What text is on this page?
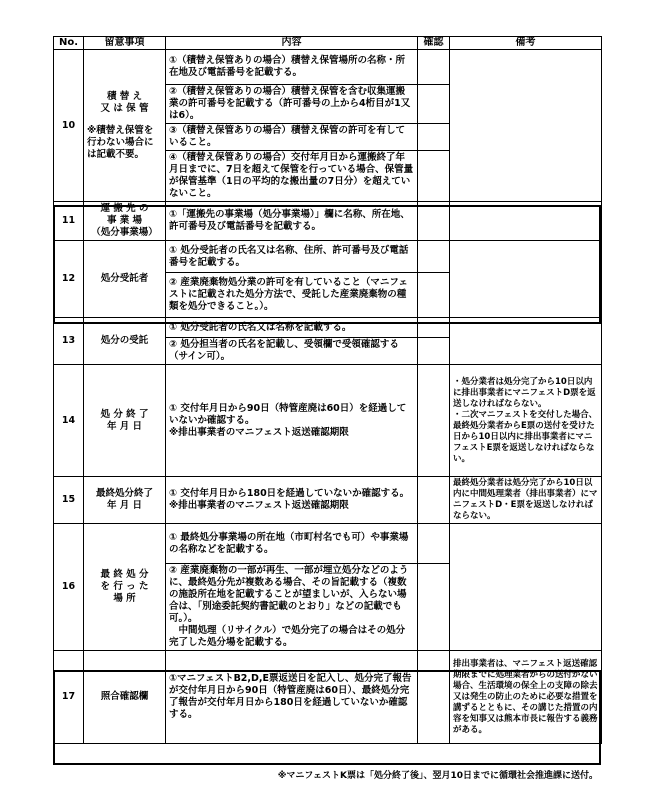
No.	留意事項	内容	確認	備考
10	積 替 え
又 は 保 管
※積替え保管を行わない場合には記載不要。	①（積替え保管ありの場合）積替え保管場所の名称・所在地及び電話番号を記載する。		
		②（積替え保管ありの場合）積替え保管を含む収集運搬業の許可番号を記載する（許可番号の上から4桁目が1又は6）。		
		③（積替え保管ありの場合）積替え保管の許可を有していること。		
		④（積替え保管ありの場合）交付年月日から運搬終了年月日までに、7日を超えて保管を行っている場合、保管量が保管基準（1日の平均的な搬出量の7日分）を超えていないこと。		
11	運 搬 先 の
事 業 場
（処分事業場）	①「運搬先の事業場（処分事業場）」欄に名称、所在地、許可番号及び電話番号を記載する。		
12	処分受託者	① 処分受託者の氏名又は名称、住所、許可番号及び電話番号を記載する。		
		② 産業廃棄物処分業の許可を有していること（マニフェストに記載された処分方法で、受託した産業廃棄物の種類を処分できること。）。		
13	処分の受託	① 処分受託者の氏名又は名称を記載する。		
		② 処分担当者の氏名を記載し、受領欄で受領確認する（サイン可）。		
14	処 分 終 了
年 月 日	① 交付年月日から90日（特管産廃は60日）を経過していないか確認する。
※排出事業者のマニフェスト返送確認期限		・処分業者は処分完了から10日以内に排出事業者にマニフェストD票を返送しなければならない。
・二次マニフェストを交付した場合、最終処分業者からE票の送付を受けた日から10日以内に排出事業者にマニフェストE票を返送しなければならない。
15	最終処分終了
年 月 日	① 交付年月日から180日を経過していないか確認する。
※排出事業者のマニフェスト返送確認期限		最終処分業者は処分完了から10日以内に中間処理業者（排出事業者）にマニフェストD・E票を返送しなければならない。
16	最 終 処 分
を 行 っ た
場 所	① 最終処分事業場の所在地（市町村名でも可）や事業場の名称などを記載する。		
		② 産業廃棄物の一部が再生、一部が埋立処分などのように、最終処分先が複数ある場合、その旨記載する（複数の施設所在地を記載することが望ましいが、入らない場合は、「別途委託契約書記載のとおり」などの記載でも可。）。
　中間処理（リサイクル）で処分完了の場合はその処分完了した処分場を記載する。		
17	照合確認欄	①マニフェストB2,D,E票返送日を記入し、処分完了報告が交付年月日から90日（特管産廃は60日）、最終処分完了報告が交付年月日から180日を経過していないか確認する。		排出事業者は、マニフェスト返送確認期限までに処理業者からの送付がない場合、生活環境の保全上の支障の除去又は発生の防止のために必要な措置を講ずるとともに、その講じた措置の内容を知事又は熊本市長に報告する義務がある。
※マニフェストK票は「処分終了後」、翌月10日までに循環社会推進課に送付。
